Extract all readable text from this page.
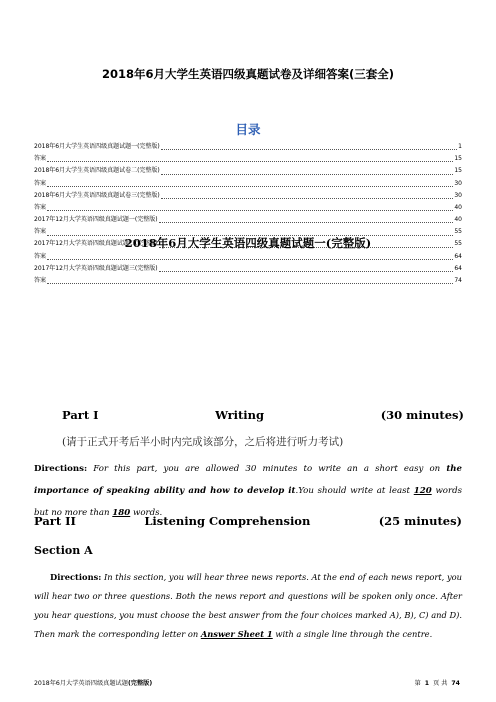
2018年6月大学生英语四级真题试卷及详细答案(三套全)
目录
2018年6月大学生英语四级真题试题一(完整版)	1
答案	15
2018年6月大学生英语四级真题试卷二(完整版)	15
答案	30
2018年6月大学生英语四级真题试卷三(完整版)	30
答案	40
2017年12月大学英语四级真题试题一(完整版)	40
答案	55
2017年12月大学英语四级真题试题二(完整版)	55
答案	64
2017年12月大学英语四级真题试题三(完整版)	64
答案	74
2018年6月大学生英语四级真题试题一(完整版)
Part I	Writing	(30 minutes)
(请于正式开考后半小时内完成该部分，之后将进行听力考试)
Directions: For this part, you are allowed 30 minutes to write an a short easy on the importance of speaking ability and how to develop it.You should write at least 120 words but no more than 180 words.
Part II	Listening Comprehension	(25 minutes)
Section A
Directions: In this section, you will hear three news reports. At the end of each news report, you will hear two or three questions. Both the news report and questions will be spoken only once. After you hear questions, you must choose the best answer from the four choices marked A), B), C) and D). Then mark the corresponding letter on Answer Sheet 1 with a single line through the centre.
2018年6月大学英语四级真题试题(完整版)	第 1 页 共 74
